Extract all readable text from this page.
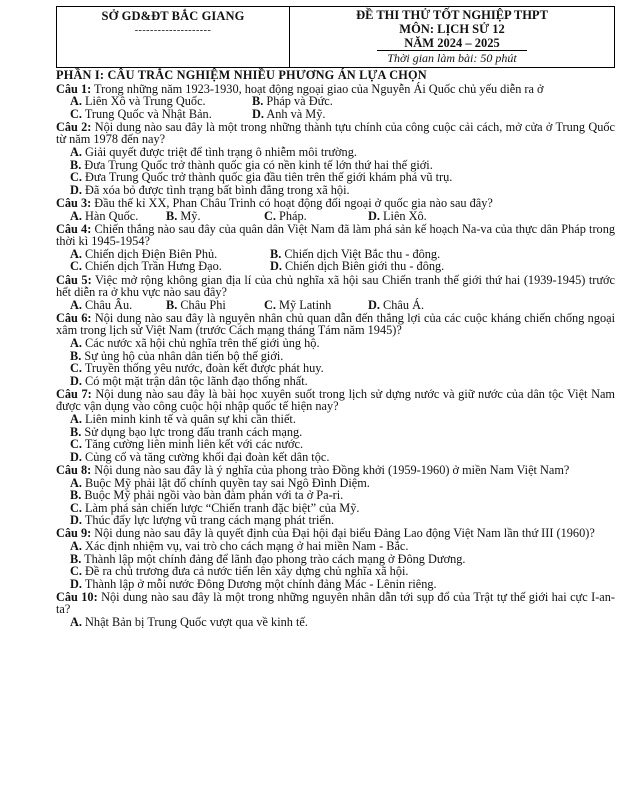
SỞ GD&ĐT BẮC GIANG
--------------------
ĐỀ THI THỬ TỐT NGHIỆP THPT
MÔN: LỊCH SỬ 12
NĂM 2024 – 2025
Thời gian làm bài: 50 phút
PHẦN I: CÂU TRẮC NGHIỆM NHIỀU PHƯƠNG ÁN LỰA CHỌN
Câu 1: Trong những năm 1923-1930, hoạt động ngoại giao của Nguyễn Ái Quốc chủ yếu diễn ra ở
A. Liên Xô và Trung Quốc.	B. Pháp và Đức.
C. Trung Quốc và Nhật Bản.	D. Anh và Mỹ.
Câu 2: Nội dung nào sau đây là một trong những thành tựu chính của công cuộc cải cách, mở cửa ở Trung Quốc từ năm 1978 đến nay?
A. Giải quyết được triệt để tình trạng ô nhiễm môi trường.
B. Đưa Trung Quốc trở thành quốc gia có nền kinh tế lớn thứ hai thế giới.
C. Đưa Trung Quốc trở thành quốc gia đầu tiên trên thế giới khám phá vũ trụ.
D. Đã xóa bỏ được tình trạng bất bình đẳng trong xã hội.
Câu 3: Đầu thế kỉ XX, Phan Châu Trinh có hoạt động đối ngoại ở quốc gia nào sau đây?
A. Hàn Quốc.	B. Mỹ.	C. Pháp.	D. Liên Xô.
Câu 4: Chiến thắng nào sau đây của quân dân Việt Nam đã làm phá sản kế hoạch Na-va của thực dân Pháp trong thời kì 1945-1954?
A. Chiến dịch Điện Biên Phủ.	B. Chiến dịch Việt Bắc thu - đông.
C. Chiến dịch Trần Hưng Đạo.	D. Chiến dịch Biên giới thu - đông.
Câu 5: Việc mở rộng không gian địa lí của chủ nghĩa xã hội sau Chiến tranh thế giới thứ hai (1939-1945) trước hết diễn ra ở khu vực nào sau đây?
A. Châu Âu.	B. Châu Phi	C. Mỹ Latinh	D. Châu Á.
Câu 6: Nội dung nào sau đây là nguyên nhân chủ quan dẫn đến thắng lợi của các cuộc kháng chiến chống ngoại xâm trong lịch sử Việt Nam (trước Cách mạng tháng Tám năm 1945)?
A. Các nước xã hội chủ nghĩa trên thế giới ủng hộ.
B. Sự ủng hộ của nhân dân tiến bộ thế giới.
C. Truyền thống yêu nước, đoàn kết được phát huy.
D. Có một mặt trận dân tộc lãnh đạo thống nhất.
Câu 7: Nội dung nào sau đây là bài học xuyên suốt trong lịch sử dựng nước và giữ nước của dân tộc Việt Nam được vận dụng vào công cuộc hội nhập quốc tế hiện nay?
A. Liên minh kinh tế và quân sự khi cần thiết.
B. Sử dụng bạo lực trong đấu tranh cách mạng.
C. Tăng cường liên minh liên kết với các nước.
D. Củng cố và tăng cường khối đại đoàn kết dân tộc.
Câu 8: Nội dung nào sau đây là ý nghĩa của phong trào Đồng khởi (1959-1960) ở miền Nam Việt Nam?
A. Buộc Mỹ phải lật đổ chính quyền tay sai Ngô Đình Diệm.
B. Buộc Mỹ phải ngồi vào bàn đàm phán với ta ở Pa-ri.
C. Làm phá sản chiến lược “Chiến tranh đặc biệt” của Mỹ.
D. Thúc đẩy lực lượng vũ trang cách mạng phát triển.
Câu 9: Nội dung nào sau đây là quyết định của Đại hội đại biểu Đảng Lao động Việt Nam lần thứ III (1960)?
A. Xác định nhiệm vụ, vai trò cho cách mạng ở hai miền Nam - Bắc.
B. Thành lập một chính đảng để lãnh đạo phong trào cách mạng ở Đông Dương.
C. Đề ra chủ trương đưa cả nước tiến lên xây dựng chủ nghĩa xã hội.
D. Thành lập ở mỗi nước Đông Dương một chính đảng Mác - Lênin riêng.
Câu 10: Nội dung nào sau đây là một trong những nguyên nhân dẫn tới sụp đổ của Trật tự thế giới hai cực I-an-ta?
A. Nhật Bản bị Trung Quốc vượt qua về kinh tế.
